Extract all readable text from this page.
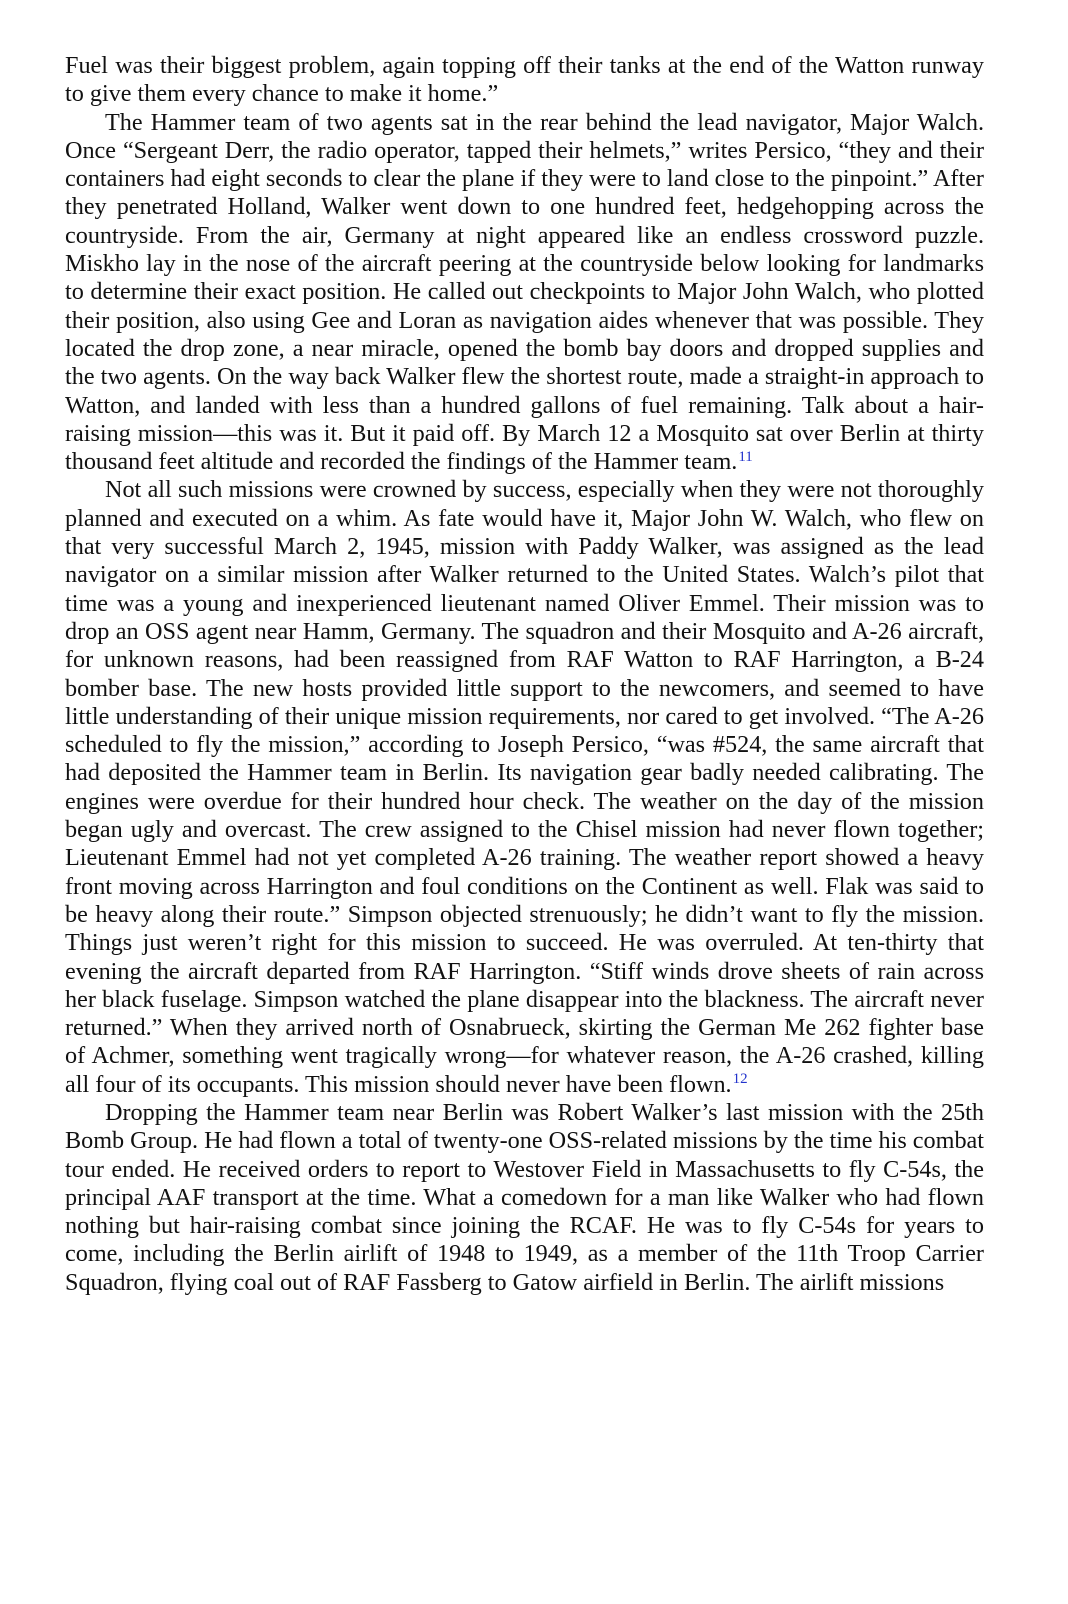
Fuel was their biggest problem, again topping off their tanks at the end of the Watton runway to give them every chance to make it home.”

The Hammer team of two agents sat in the rear behind the lead navigator, Major Walch. Once “Sergeant Derr, the radio operator, tapped their helmets,” writes Persico, “they and their containers had eight seconds to clear the plane if they were to land close to the pinpoint.” After they penetrated Holland, Walker went down to one hundred feet, hedgehopping across the countryside. From the air, Germany at night appeared like an endless crossword puzzle. Miskho lay in the nose of the aircraft peering at the countryside below looking for landmarks to determine their exact position. He called out checkpoints to Major John Walch, who plotted their position, also using Gee and Loran as navigation aides whenever that was possible. They located the drop zone, a near miracle, opened the bomb bay doors and dropped supplies and the two agents. On the way back Walker flew the shortest route, made a straight-in approach to Watton, and landed with less than a hundred gallons of fuel remaining. Talk about a hair-raising mission—this was it. But it paid off. By March 12 a Mosquito sat over Berlin at thirty thousand feet altitude and recorded the findings of the Hammer team.$^{11}$

Not all such missions were crowned by success, especially when they were not thoroughly planned and executed on a whim. As fate would have it, Major John W. Walch, who flew on that very successful March 2, 1945, mission with Paddy Walker, was assigned as the lead navigator on a similar mission after Walker returned to the United States. Walch’s pilot that time was a young and inexperienced lieutenant named Oliver Emmel. Their mission was to drop an OSS agent near Hamm, Germany. The squadron and their Mosquito and A-26 aircraft, for unknown reasons, had been reassigned from RAF Watton to RAF Harrington, a B-24 bomber base. The new hosts provided little support to the newcomers, and seemed to have little understanding of their unique mission requirements, nor cared to get involved. “The A-26 scheduled to fly the mission,” according to Joseph Persico, “was #524, the same aircraft that had deposited the Hammer team in Berlin. Its navigation gear badly needed calibrating. The engines were overdue for their hundred hour check. The weather on the day of the mission began ugly and overcast. The crew assigned to the Chisel mission had never flown together; Lieutenant Emmel had not yet completed A-26 training. The weather report showed a heavy front moving across Harrington and foul conditions on the Continent as well. Flak was said to be heavy along their route.” Simpson objected strenuously; he didn’t want to fly the mission. Things just weren’t right for this mission to succeed. He was overruled. At ten-thirty that evening the aircraft departed from RAF Harrington. “Stiff winds drove sheets of rain across her black fuselage. Simpson watched the plane disappear into the blackness. The aircraft never returned.” When they arrived north of Osnabrueck, skirting the German Me 262 fighter base of Achmer, something went tragically wrong—for whatever reason, the A-26 crashed, killing all four of its occupants. This mission should never have been flown.$^{12}$

Dropping the Hammer team near Berlin was Robert Walker’s last mission with the 25th Bomb Group. He had flown a total of twenty-one OSS-related missions by the time his combat tour ended. He received orders to report to Westover Field in Massachusetts to fly C-54s, the principal AAF transport at the time. What a comedown for a man like Walker who had flown nothing but hair-raising combat since joining the RCAF. He was to fly C-54s for years to come, including the Berlin airlift of 1948 to 1949, as a member of the 11th Troop Carrier Squadron, flying coal out of RAF Fassberg to Gatow airfield in Berlin. The airlift missions
